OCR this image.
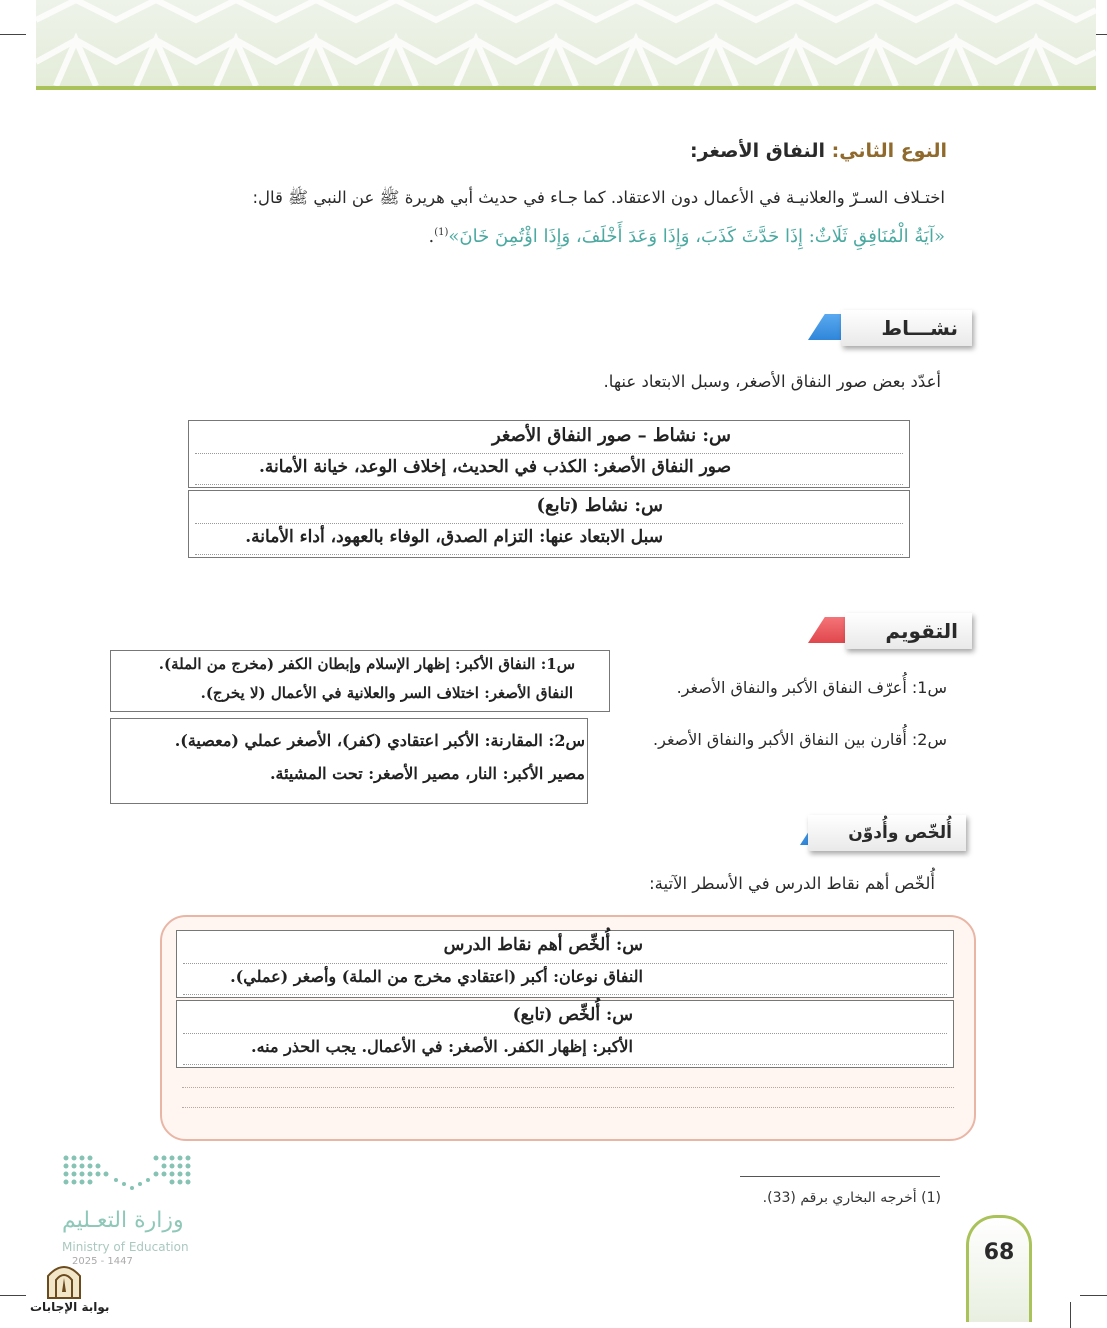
النوع الثاني: النفاق الأصغر:
اختـلاف السـرّ والعلانيـة في الأعمال دون الاعتقاد. كما جـاء في حديث أبي هريرة ﷺ عن النبي ﷺ قال:
«آيَةُ الْمُنَافِقِ ثَلَاثٌ: إِذَا حَدَّثَ كَذَبَ، وَإِذَا وَعَدَ أَخْلَفَ، وَإِذَا اؤْتُمِنَ خَانَ»$^{(1)}$.
نشـــاط
أعدّد بعض صور النفاق الأصغر، وسبل الابتعاد عنها.
س: نشاط – صور النفاق الأصغر
صور النفاق الأصغر: الكذب في الحديث، إخلاف الوعد، خيانة الأمانة.
س: نشاط (تابع)
سبل الابتعاد عنها: التزام الصدق، الوفاء بالعهود، أداء الأمانة.
التقويم
س1: أُعرّف النفاق الأكبر والنفاق الأصغر.
س2: أُقارن بين النفاق الأكبر والنفاق الأصغر.
س1: النفاق الأكبر: إظهار الإسلام وإبطان الكفر (مخرج من الملة).
النفاق الأصغر: اختلاف السر والعلانية في الأعمال (لا يخرج).
س2: المقارنة: الأكبر اعتقادي (كفر)، الأصغر عملي (معصية).
مصير الأكبر: النار، مصير الأصغر: تحت المشيئة.
أُلخّص وأُدوّن
أُلخّص أهم نقاط الدرس في الأسطر الآتية:
س: أُلخِّص أهم نقاط الدرس
النفاق نوعان: أكبر (اعتقادي مخرج من الملة) وأصغر (عملي).
س: أُلخِّص (تابع)
الأكبر: إظهار الكفر. الأصغر: في الأعمال. يجب الحذر منه.
(1) أخرجه البخاري برقم (33).
وزارة التعـليم
Ministry of Education
2025 - 1447
بوابة الإجابات
68
